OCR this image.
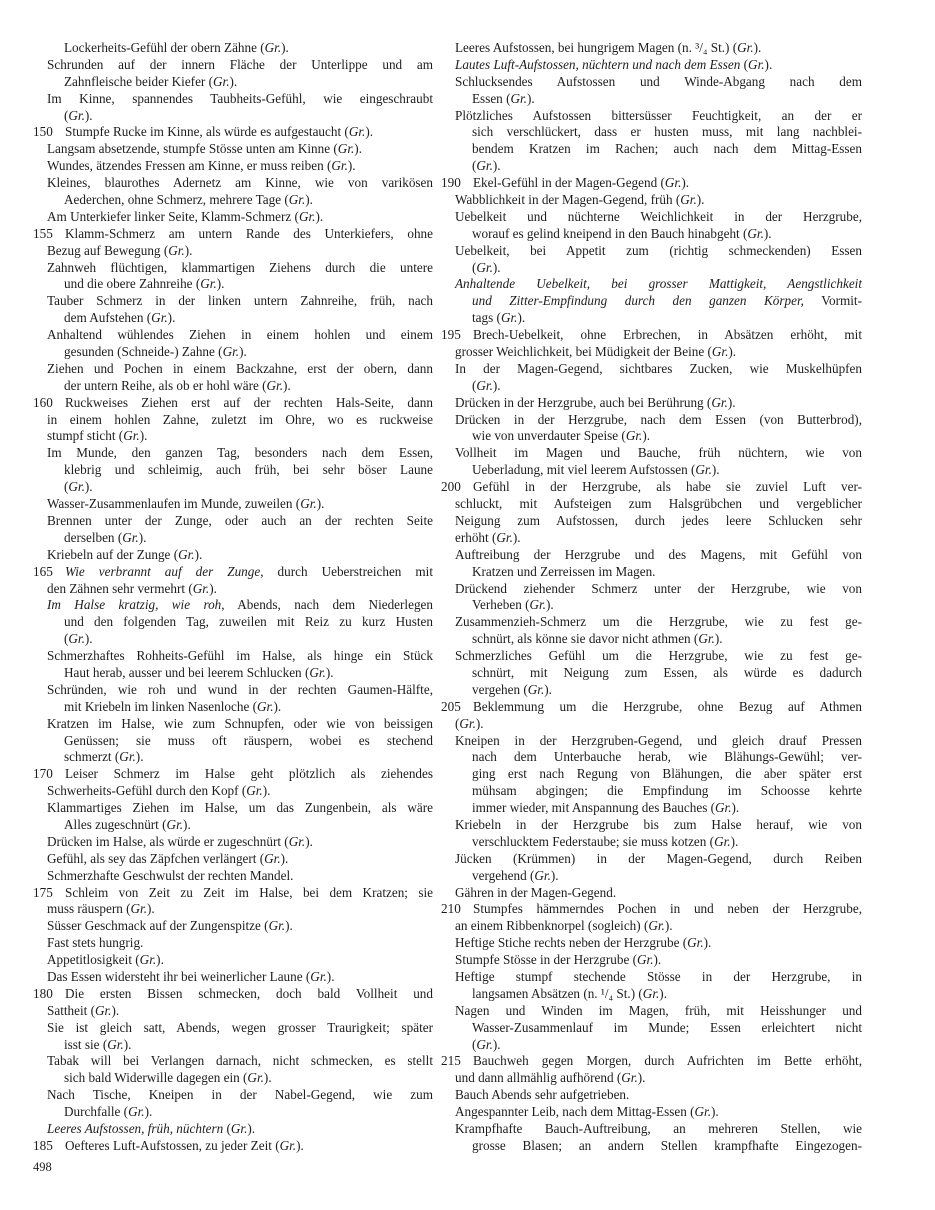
Lockerheits-Gefühl der obern Zähne (Gr.).
Schrunden auf der innern Fläche der Unterlippe und am
Zahnfleische beider Kiefer (Gr.).
Im Kinne, spannendes Taubheits-Gefühl, wie eingeschraubt
(Gr.).
150 Stumpfe Rucke im Kinne, als würde es aufgestaucht (Gr.).
Langsam absetzende, stumpfe Stösse unten am Kinne (Gr.).
Wundes, ätzendes Fressen am Kinne, er muss reiben (Gr.).
Kleines, blaurothes Adernetz am Kinne, wie von varikösen
Aederchen, ohne Schmerz, mehrere Tage (Gr.).
Am Unterkiefer linker Seite, Klamm-Schmerz (Gr.).
155 Klamm-Schmerz am untern Rande des Unterkiefers, ohne
Bezug auf Bewegung (Gr.).
Zahnweh flüchtigen, klammartigen Ziehens durch die untere
und die obere Zahnreihe (Gr.).
Tauber Schmerz in der linken untern Zahnreihe, früh, nach
dem Aufstehen (Gr.).
Anhaltend wühlendes Ziehen in einem hohlen und einem
gesunden (Schneide-) Zahne (Gr.).
Ziehen und Pochen in einem Backzahne, erst der obern, dann
der untern Reihe, als ob er hohl wäre (Gr.).
160 Ruckweises Ziehen erst auf der rechten Hals-Seite, dann
in einem hohlen Zahne, zuletzt im Ohre, wo es ruckweise
stumpf sticht (Gr.).
Im Munde, den ganzen Tag, besonders nach dem Essen,
klebrig und schleimig, auch früh, bei sehr böser Laune
(Gr.).
Wasser-Zusammenlaufen im Munde, zuweilen (Gr.).
Brennen unter der Zunge, oder auch an der rechten Seite
derselben (Gr.).
Kriebeln auf der Zunge (Gr.).
165 Wie verbrannt auf der Zunge, durch Ueberstreichen mit
den Zähnen sehr vermehrt (Gr.).
Im Halse kratzig, wie roh, Abends, nach dem Niederlegen
und den folgenden Tag, zuweilen mit Reiz zu kurz Husten
(Gr.).
Schmerzhaftes Rohheits-Gefühl im Halse, als hinge ein Stück
Haut herab, ausser und bei leerem Schlucken (Gr.).
Schründen, wie roh und wund in der rechten Gaumen-Hälfte,
mit Kriebeln im linken Nasenloche (Gr.).
Kratzen im Halse, wie zum Schnupfen, oder wie von beissigen
Genüssen; sie muss oft räuspern, wobei es stechend
schmerzt (Gr.).
170 Leiser Schmerz im Halse geht plötzlich als ziehendes
Schwerheits-Gefühl durch den Kopf (Gr.).
Klammartiges Ziehen im Halse, um das Zungenbein, als wäre
Alles zugeschnürt (Gr.).
Drücken im Halse, als würde er zugeschnürt (Gr.).
Gefühl, als sey das Zäpfchen verlängert (Gr.).
Schmerzhafte Geschwulst der rechten Mandel.
175 Schleim von Zeit zu Zeit im Halse, bei dem Kratzen; sie
muss räuspern (Gr.).
Süsser Geschmack auf der Zungenspitze (Gr.).
Fast stets hungrig.
Appetitlosigkeit (Gr.).
Das Essen widersteht ihr bei weinerlicher Laune (Gr.).
180 Die ersten Bissen schmecken, doch bald Vollheit und
Sattheit (Gr.).
Sie ist gleich satt, Abends, wegen grosser Traurigkeit; später
isst sie (Gr.).
Tabak will bei Verlangen darnach, nicht schmecken, es stellt
sich bald Widerwille dagegen ein (Gr.).
Nach Tische, Kneipen in der Nabel-Gegend, wie zum
Durchfalle (Gr.).
Leeres Aufstossen, früh, nüchtern (Gr.).
185 Oefteres Luft-Aufstossen, zu jeder Zeit (Gr.).
Leeres Aufstossen, bei hungrigem Magen (n. ³/₄ St.) (Gr.).
Lautes Luft-Aufstossen, nüchtern und nach dem Essen (Gr.).
Schlucksendes Aufstossen und Winde-Abgang nach dem
Essen (Gr.).
Plötzliches Aufstossen bittersüsser Feuchtigkeit, an der er
sich verschlückert, dass er husten muss, mit lang nachblei-
bendem Kratzen im Rachen; auch nach dem Mittag-Essen
(Gr.).
190 Ekel-Gefühl in der Magen-Gegend (Gr.).
Wabblichkeit in der Magen-Gegend, früh (Gr.).
Uebelkeit und nüchterne Weichlichkeit in der Herzgrube,
worauf es gelind kneipend in den Bauch hinabgeht (Gr.).
Uebelkeit, bei Appetit zum (richtig schmeckenden) Essen
(Gr.).
Anhaltende Uebelkeit, bei grosser Mattigkeit, Aengstlichkeit
und Zitter-Empfindung durch den ganzen Körper, Vormit-
tags (Gr.).
195 Brech-Uebelkeit, ohne Erbrechen, in Absätzen erhöht, mit
grosser Weichlichkeit, bei Müdigkeit der Beine (Gr.).
In der Magen-Gegend, sichtbares Zucken, wie Muskelhüpfen
(Gr.).
Drücken in der Herzgrube, auch bei Berührung (Gr.).
Drücken in der Herzgrube, nach dem Essen (von Butterbrod),
wie von unverdauter Speise (Gr.).
Vollheit im Magen und Bauche, früh nüchtern, wie von
Ueberladung, mit viel leerem Aufstossen (Gr.).
200 Gefühl in der Herzgrube, als habe sie zuviel Luft ver-
schluckt, mit Aufsteigen zum Halsgrübchen und vergeblicher
Neigung zum Aufstossen, durch jedes leere Schlucken sehr
erhöht (Gr.).
Auftreibung der Herzgrube und des Magens, mit Gefühl von
Kratzen und Zerreissen im Magen.
Drückend ziehender Schmerz unter der Herzgrube, wie von
Verheben (Gr.).
Zusammenzieh-Schmerz um die Herzgrube, wie zu fest ge-
schnürt, als könne sie davor nicht athmen (Gr.).
Schmerzliches Gefühl um die Herzgrube, wie zu fest ge-
schnürt, mit Neigung zum Essen, als würde es dadurch
vergehen (Gr.).
205 Beklemmung um die Herzgrube, ohne Bezug auf Athmen
(Gr.).
Kneipen in der Herzgruben-Gegend, und gleich drauf Pressen
nach dem Unterbauche herab, wie Blähungs-Gewühl; ver-
ging erst nach Regung von Blähungen, die aber später erst
mühsam abgingen; die Empfindung im Schoosse kehrte
immer wieder, mit Anspannung des Bauches (Gr.).
Kriebeln in der Herzgrube bis zum Halse herauf, wie von
verschlucktem Federstaube; sie muss kotzen (Gr.).
Jücken (Krümmen) in der Magen-Gegend, durch Reiben
vergehend (Gr.).
Gähren in der Magen-Gegend.
210 Stumpfes hämmerndes Pochen in und neben der Herzgrube,
an einem Ribbenknorpel (sogleich) (Gr.).
Heftige Stiche rechts neben der Herzgrube (Gr.).
Stumpfe Stösse in der Herzgrube (Gr.).
Heftige stumpf stechende Stösse in der Herzgrube, in
langsamen Absätzen (n. ¹/₄ St.) (Gr.).
Nagen und Winden im Magen, früh, mit Heisshunger und
Wasser-Zusammenlauf im Munde; Essen erleichtert nicht
(Gr.).
215 Bauchweh gegen Morgen, durch Aufrichten im Bette erhöht,
und dann allmählig aufhörend (Gr.).
Bauch Abends sehr aufgetrieben.
Angespannter Leib, nach dem Mittag-Essen (Gr.).
Krampfhafte Bauch-Auftreibung, an mehreren Stellen, wie
grosse Blasen; an andern Stellen krampfhafte Eingezogen-
498
